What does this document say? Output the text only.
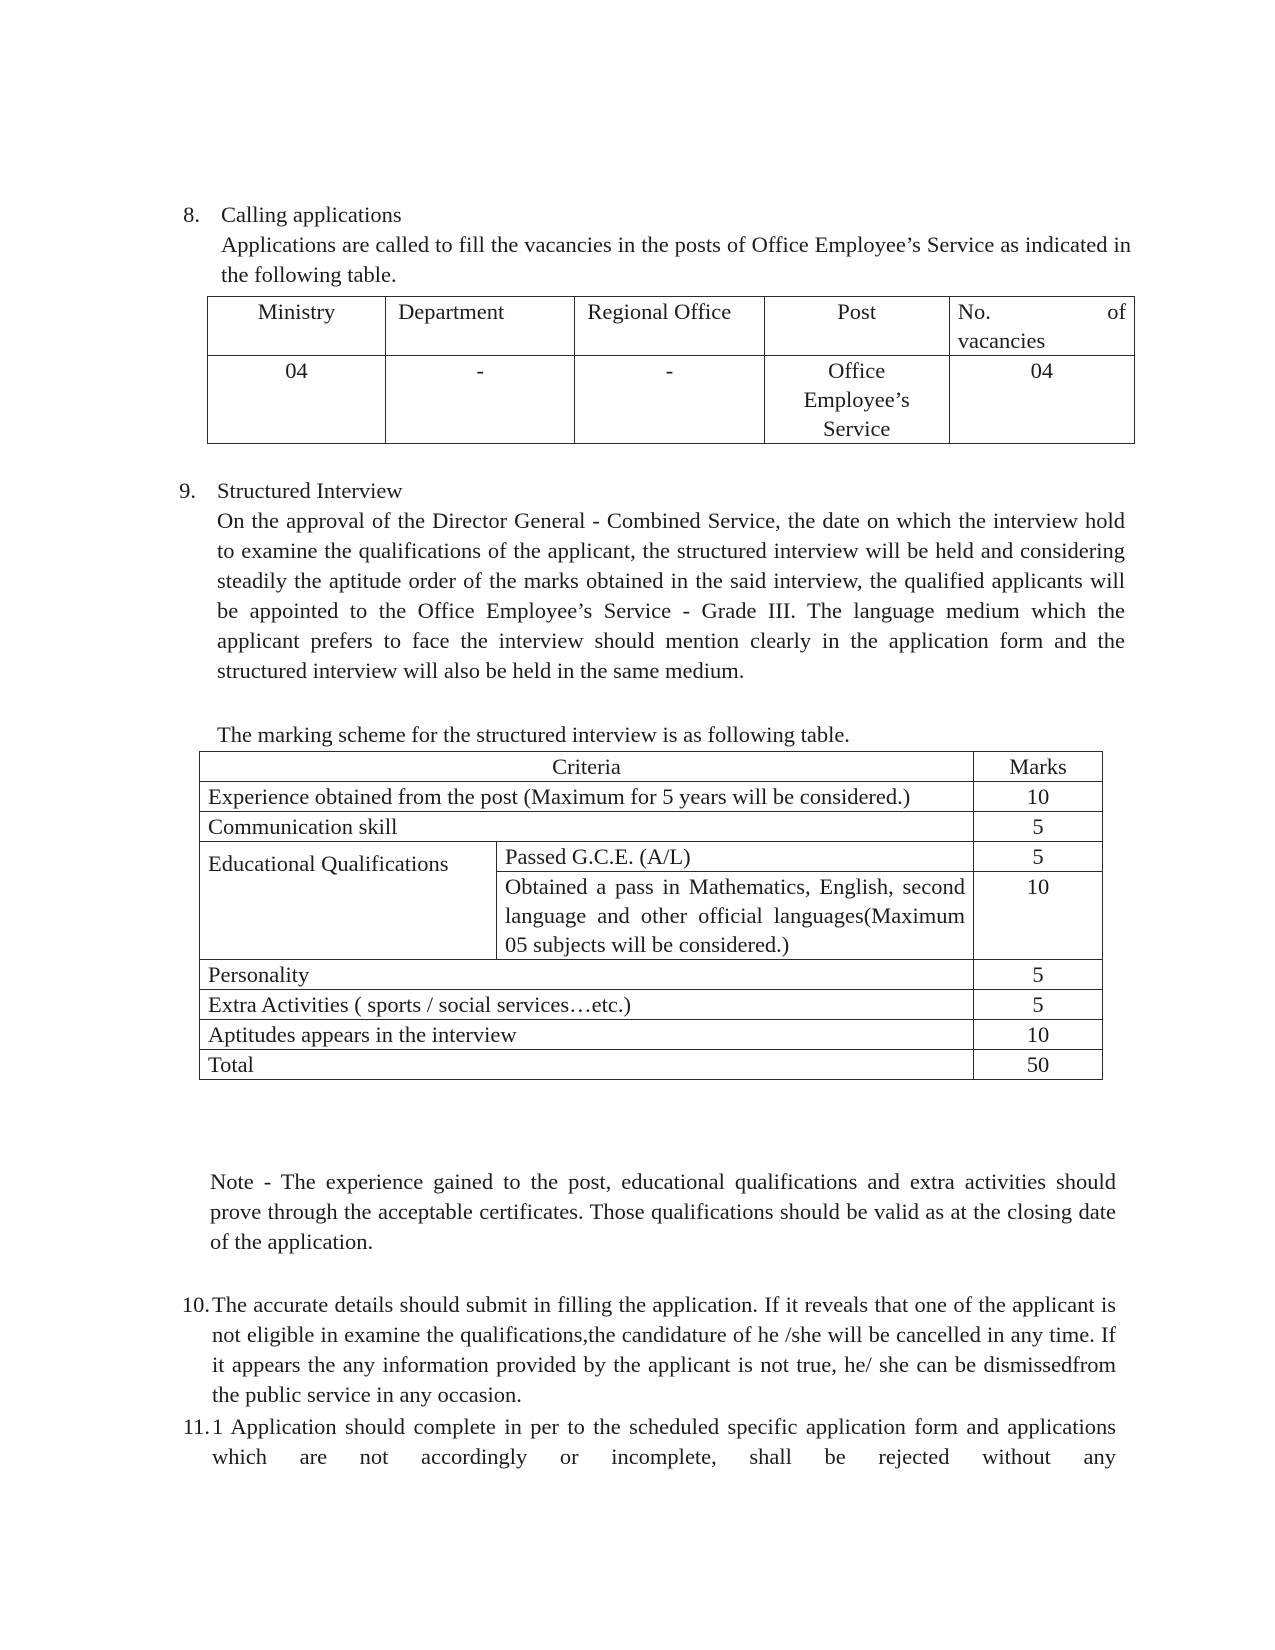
8. Calling applications

Applications are called to fill the vacancies in the posts of Office Employee’s Service as indicated in the following table.

Ministry	Department	Regional Office	Post	No. of
vacancies

04	-	-	Office
Employee’s
Service	04
9. Structured Interview

On the approval of the Director General - Combined Service, the date on which the interview hold to examine the qualifications of the applicant, the structured interview will be held and considering steadily the aptitude order of the marks obtained in the said interview, the qualified applicants will be appointed to the Office Employee’s Service - Grade III. The language medium which the applicant prefers to face the interview should mention clearly in the application form and the structured interview will also be held in the same medium.

The marking scheme for the structured interview is as following table.

Criteria		Marks
Experience obtained from the post (Maximum for 5 years will be considered.)		10
Communication skill		5
Educational Qualifications	Passed G.C.E. (A/L)	5
	Obtained a pass in Mathematics, English, second language and other official languages(Maximum 05 subjects will be considered.)	10
Personality		5
Extra Activities ( sports / social services…etc.)		5
Aptitudes appears in the interview		10
Total		50

Note - The experience gained to the post, educational qualifications and extra activities should prove through the acceptable certificates. Those qualifications should be valid as at the closing date of the application.

10. The accurate details should submit in filling the application. If it reveals that one of the applicant is not eligible in examine the qualifications,the candidature of he /she will be cancelled in any time. If it appears the any information provided by the applicant is not true, he/ she can be dismissedfrom the public service in any occasion.

11. 1 Application should complete in per to the scheduled specific application form and applications which are not accordingly or incomplete, shall be rejected without any
